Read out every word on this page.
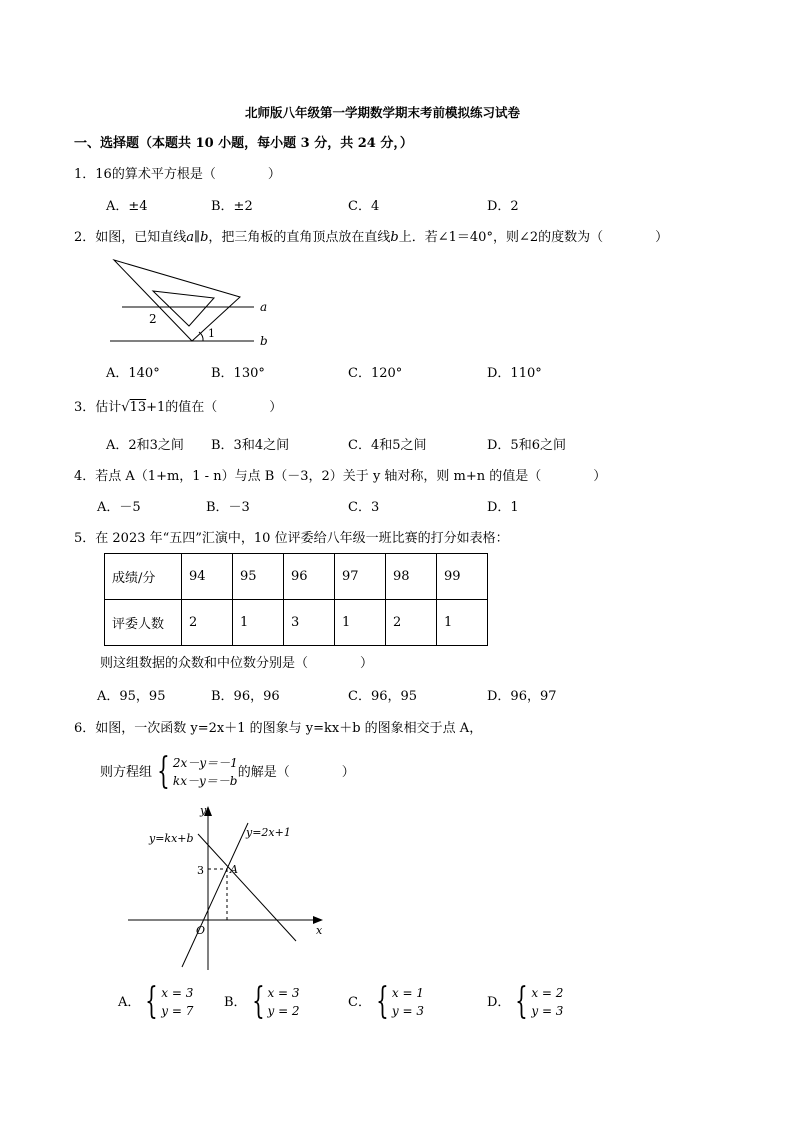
北师版八年级第一学期数学期末考前模拟练习试卷
一、选择题（本题共 10 小题，每小题 3 分，共 24 分，）
1．16的算术平方根是（　　　　）
A．±4	B．±2	C．4	D．2
2．如图，已知直线a∥b，把三角板的直角顶点放在直线b上．若∠1＝40°，则∠2的度数为（　　　　）
a
b
1
2
A．140°	B．130°	C．120°	D．110°
3．估计√13+1的值在（　　　　）
A．2和3之间 B．3和4之间	C．4和5之间	D．5和6之间
4．若点 A（1+m，1 - n）与点 B（－3，2）关于 y 轴对称，则 m+n 的值是（　　　　）
A．－5	B．－3	C．3	D．1
5．在 2023 年“五四”汇演中，10 位评委给八年级一班比赛的打分如表格：
成绩/分	94	95	96	97	98	99
评委人数	2	1	3	1	2	1
则这组数据的众数和中位数分别是（　　　　）
A．95，95	B．96，96	C．96，95	D．96，97
6．如图，一次函数 y=2x＋1 的图象与 y=kx＋b 的图象相交于点 A，
则方程组 { 2x－y＝－1
kx－y＝－b
的解是（　　　　）
y
x
O
y=kx+b	y=2x+1
A
3
A． { x = 3
y = 7
B． { x = 3
y = 2
C． { x = 1
y = 3
D． { x = 2
y = 3
